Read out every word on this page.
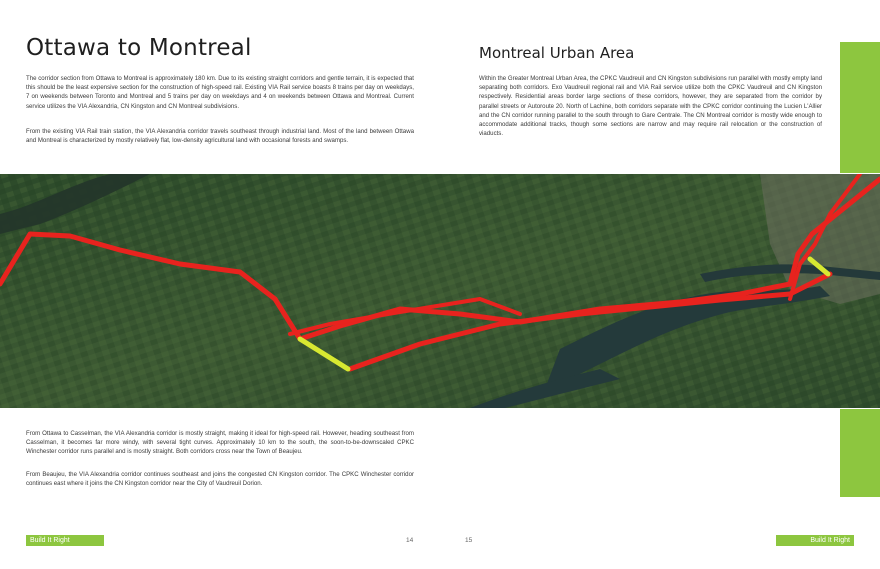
Ottawa to Montreal

The corridor section from Ottawa to Montreal is approximately 180 km. Due to its existing straight corridors and gentle terrain, it is expected that this should be the least expensive section for the construction of high-speed rail. Existing VIA Rail service boasts 8 trains per day on weekdays, 7 on weekends between Toronto and Montreal and 5 trains per day on weekdays and 4 on weekends between Ottawa and Montreal. Current service utilizes the VIA Alexandria, CN Kingston and CN Montreal subdivisions.

From the existing VIA Rail train station, the VIA Alexandria corridor travels southeast through industrial land. Most of the land between Ottawa and Montreal is characterized by mostly relatively flat, low-density agricultural land with occasional forests and swamps.

Montreal Urban Area

Within the Greater Montreal Urban Area, the CPKC Vaudreuil and CN Kingston subdivisions run parallel with mostly empty land separating both corridors. Exo Vaudreuil regional rail and VIA Rail service utilize both the CPKC Vaudreuil and CN Kingston respectively. Residential areas border large sections of these corridors, however, they are separated from the corridor by parallel streets or Autoroute 20. North of Lachine, both corridors separate with the CPKC corridor continuing the Lucien L'Allier and the CN corridor running parallel to the south through to Gare Centrale. The CN Montreal corridor is mostly wide enough to accommodate additional tracks, though some sections are narrow and may require rail relocation or the construction of viaducts.

From Ottawa to Casselman, the VIA Alexandria corridor is mostly straight, making it ideal for high-speed rail. However, heading southeast from Casselman, it becomes far more windy, with several tight curves. Approximately 10 km to the south, the soon-to-be-downscaled CPKC Winchester corridor runs parallel and is mostly straight. Both corridors cross near the Town of Beaujeu.

From Beaujeu, the VIA Alexandria corridor continues southeast and joins the congested CN Kingston corridor. The CPKC Winchester corridor continues east where it joins the CN Kingston corridor near the City of Vaudreuil Dorion.

Build It Right	14	15	Build It Right
